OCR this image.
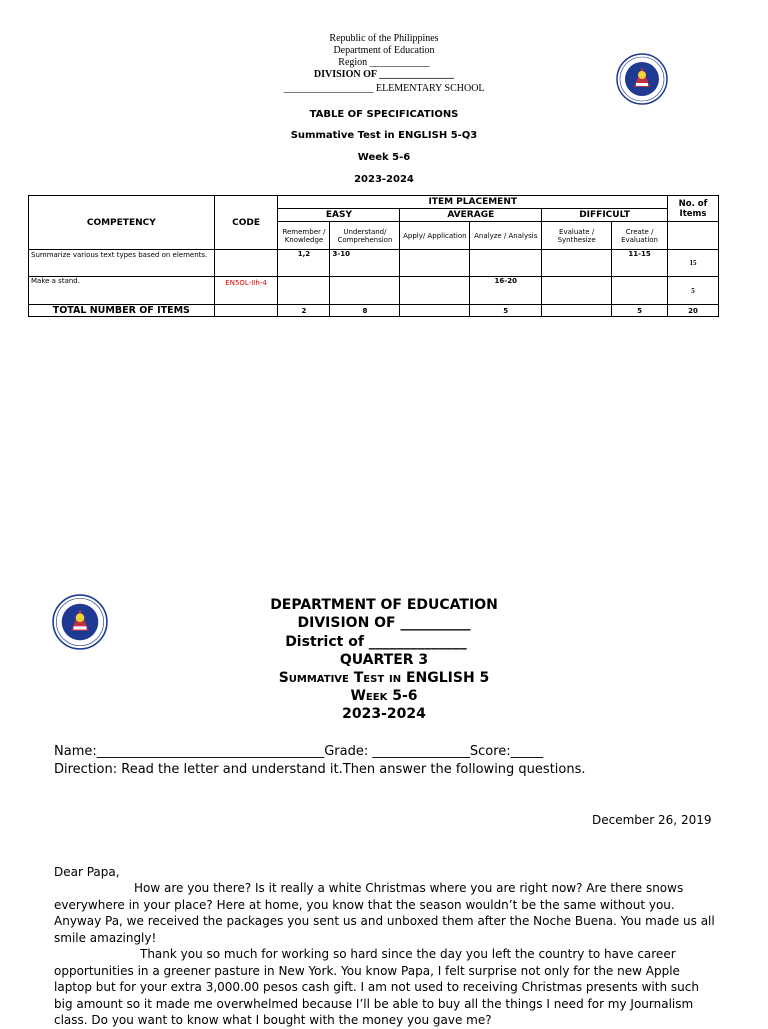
Republic of the Philippines
Department of Education
Region ____________
DIVISION OF _______________
__________________ ELEMENTARY SCHOOL
TABLE OF SPECIFICATIONS
Summative Test in ENGLISH 5-Q3
Week 5-6
2023-2024
COMPETENCY	CODE	ITEM PLACEMENT						No. of Items
		EASY		AVERAGE		DIFFICULT		
		Remember / Knowledge	Understand/ Comprehension	Apply/ Application	Analyze / Analysis	Evaluate / Synthesize	Create / Evaluation	
Summarize various text types based on elements.		1,2	3-10				11-15	15
Make a stand.	EN5OL-IIh-4				16-20			5
TOTAL NUMBER OF ITEMS		2	8		5		5	20
DEPARTMENT OF EDUCATION
DIVISION OF __________
District of ______________
QUARTER 3
Summative Test in ENGLISH 5
Week 5-6
2023-2024
Name:___________________________________Grade: _______________Score:_____
Direction: Read the letter and understand it.Then answer the following questions.
December 26, 2019
Dear Papa,
How are you there? Is it really a white Christmas where you are right now? Are there snows everywhere in your place? Here at home, you know that the season wouldn’t be the same without you. Anyway Pa, we received the packages you sent us and unboxed them after the Noche Buena. You made us all smile amazingly!
Thank you so much for working so hard since the day you left the country to have career opportunities in a greener pasture in New York. You know Papa, I felt surprise not only for the new Apple laptop but for your extra 3,000.00 pesos cash gift. I am not used to receiving Christmas presents with such big amount so it made me overwhelmed because I’ll be able to buy all the things I need for my Journalism class. Do you want to know what I bought with the money you gave me?
